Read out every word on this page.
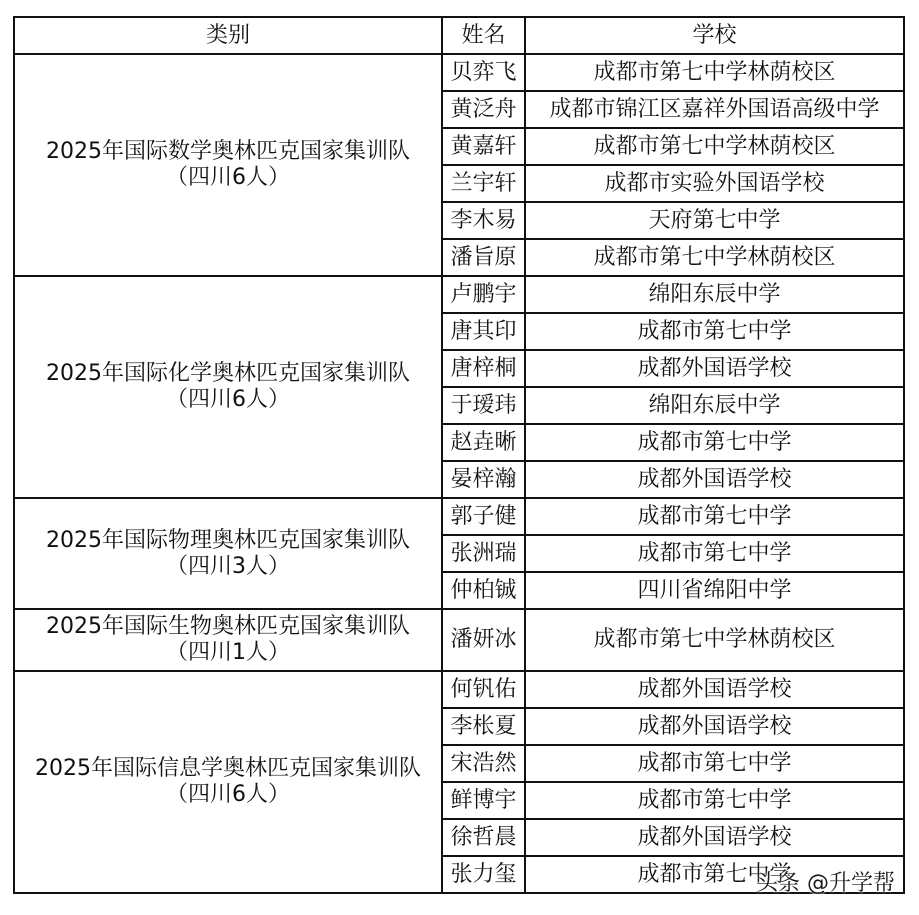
类别	姓名	学校

2025年国际数学奥林匹克国家集训队
（四川6人）	贝弈飞	成都市第七中学林荫校区
	黄泛舟	成都市锦江区嘉祥外国语高级中学
	黄嘉轩	成都市第七中学林荫校区
	兰宇轩	成都市实验外国语学校
	李木易	天府第七中学
	潘旨原	成都市第七中学林荫校区

2025年国际化学奥林匹克国家集训队
（四川6人）	卢鹏宇	绵阳东辰中学
	唐其印	成都市第七中学
	唐梓桐	成都外国语学校
	于瑷玮	绵阳东辰中学
	赵垚晰	成都市第七中学
	晏梓瀚	成都外国语学校

2025年国际物理奥林匹克国家集训队
（四川3人）	郭子健	成都市第七中学
	张洲瑞	成都市第七中学
	仲柏铖	四川省绵阳中学

2025年国际生物奥林匹克国家集训队
（四川1人）	潘妍冰	成都市第七中学林荫校区

2025年国际信息学奥林匹克国家集训队
（四川6人）	何钒佑	成都外国语学校
	李枨夏	成都外国语学校
	宋浩然	成都市第七中学
	鲜博宇	成都市第七中学
	徐哲晨	成都外国语学校
	张力玺	成都市第七中学
头条 @升学帮
